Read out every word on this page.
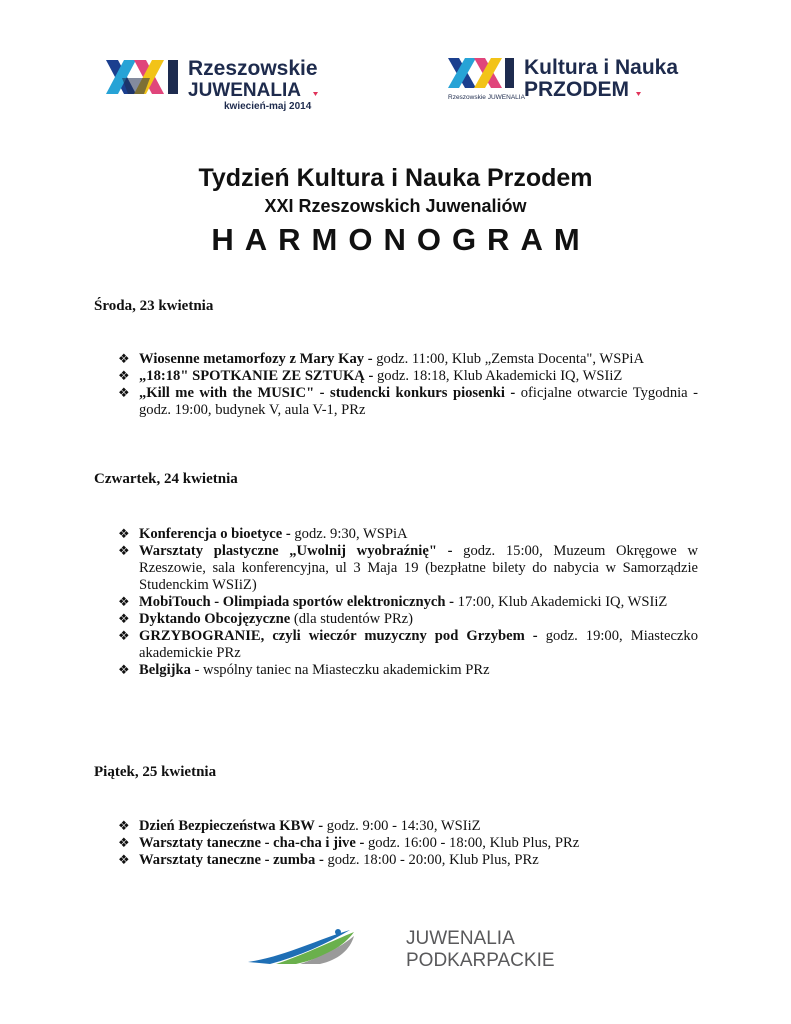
Rzeszowskie
JUWENALIA
kwiecień-maj 2014
Rzeszowskie JUWENALIA
Kultura i Nauka
PRZODEM
Tydzień Kultura i Nauka Przodem
XXI Rzeszowskich Juwenaliów
HARMONOGRAM
Środa, 23 kwietnia
❖ Wiosenne metamorfozy z Mary Kay - godz. 11:00, Klub „Zemsta Docenta", WSPiA
❖ „18:18" SPOTKANIE ZE SZTUKĄ - godz. 18:18, Klub Akademicki IQ, WSIiZ
❖ „Kill me with the MUSIC" - studencki konkurs piosenki - oficjalne otwarcie Tygodnia - godz. 19:00, budynek V, aula V-1, PRz
Czwartek, 24 kwietnia
❖ Konferencja o bioetyce - godz. 9:30, WSPiA
❖ Warsztaty plastyczne „Uwolnij wyobraźnię" - godz. 15:00, Muzeum Okręgowe w Rzeszowie, sala konferencyjna, ul 3 Maja 19 (bezpłatne bilety do nabycia w Samorządzie Studenckim WSIiZ)
❖ MobiTouch - Olimpiada sportów elektronicznych - 17:00, Klub Akademicki IQ, WSIiZ
❖ Dyktando Obcojęzyczne (dla studentów PRz)
❖ GRZYBOGRANIE, czyli wieczór muzyczny pod Grzybem - godz. 19:00, Miasteczko akademickie PRz
❖ Belgijka - wspólny taniec na Miasteczku akademickim PRz
Piątek, 25 kwietnia
❖ Dzień Bezpieczeństwa KBW - godz. 9:00 - 14:30, WSIiZ
❖ Warsztaty taneczne - cha-cha i jive - godz. 16:00 - 18:00, Klub Plus, PRz
❖ Warsztaty taneczne - zumba - godz. 18:00 - 20:00, Klub Plus, PRz
JUWENALIA
PODKARPACKIE
